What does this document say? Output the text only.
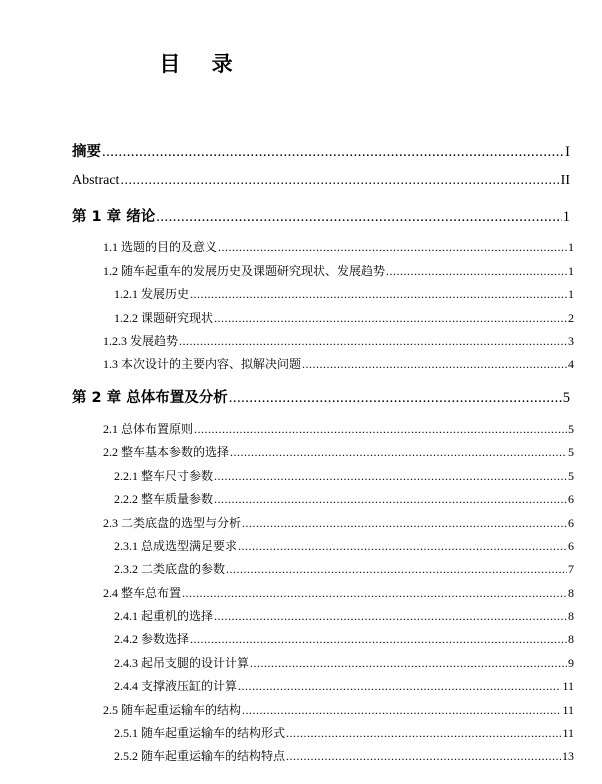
目 录
摘要 .....	I
Abstract .....	II
第 1 章 绪论 .....	1
1.1 选题的目的及意义 .....	1
1.2 随车起重车的发展历史及课题研究现状、发展趋势 .....	1
1.2.1 发展历史 .....	1
1.2.2 课题研究现状 .....	2
1.2.3 发展趋势 .....	3
1.3 本次设计的主要内容、拟解决问题 .....	4
第 2 章 总体布置及分析 .....	5
2.1 总体布置原则 .....	5
2.2 整车基本参数的选择 .....	5
2.2.1 整车尺寸参数 .....	5
2.2.2 整车质量参数 .....	6
2.3 二类底盘的选型与分析 .....	6
2.3.1 总成选型满足要求 .....	6
2.3.2 二类底盘的参数 .....	7
2.4 整车总布置 .....	8
2.4.1 起重机的选择 .....	8
2.4.2 参数选择 .....	8
2.4.3 起吊支腿的设计计算 .....	9
2.4.4 支撑液压缸的计算 .....	11
2.5 随车起重运输车的结构 .....	11
2.5.1 随车起重运输车的结构形式 .....	11
2.5.2 随车起重运输车的结构特点 .....	13
